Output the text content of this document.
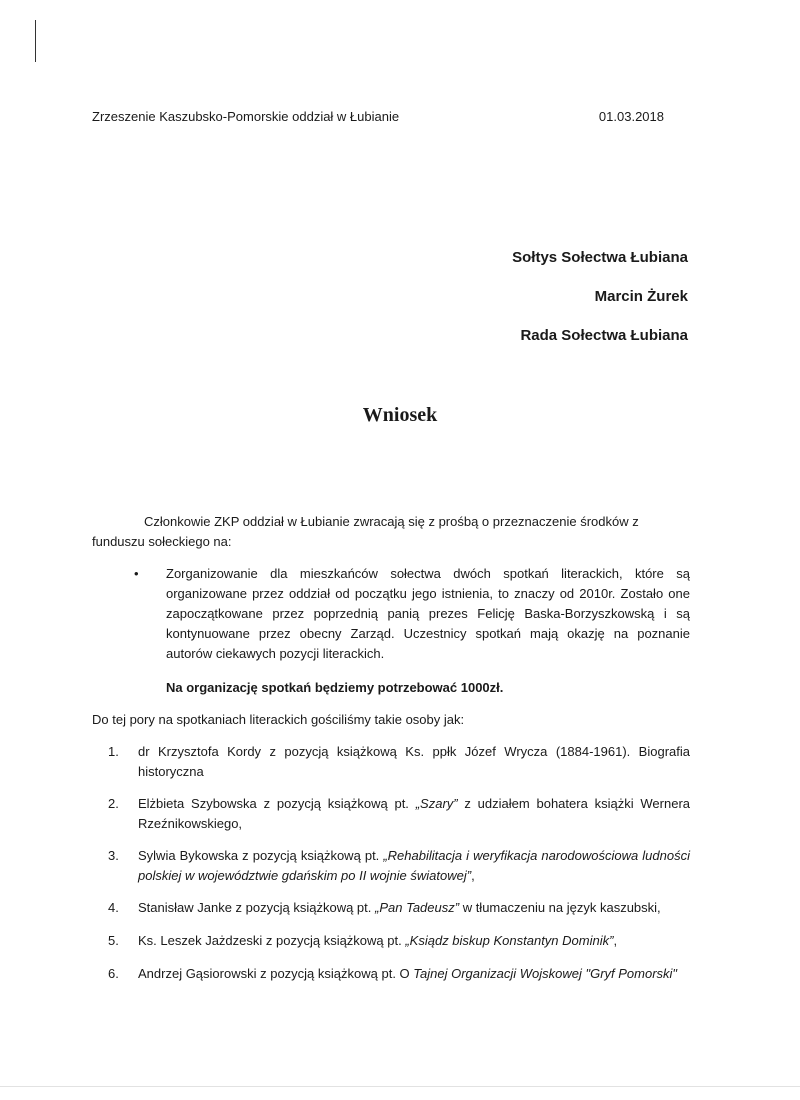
Zrzeszenie Kaszubsko-Pomorskie oddział w Łubianie	01.03.2018
Sołtys Sołectwa Łubiana
Marcin Żurek
Rada Sołectwa Łubiana
Wniosek
Członkowie ZKP oddział w Łubianie zwracają się z prośbą o przeznaczenie środków z funduszu sołeckiego na:
• Zorganizowanie dla mieszkańców sołectwa dwóch spotkań literackich, które są organizowane przez oddział od początku jego istnienia, to znaczy od 2010r. Zostało one zapoczątkowane przez poprzednią panią prezes Felicję Baska-Borzyszkowską i są kontynuowane przez obecny Zarząd. Uczestnicy spotkań mają okazję na poznanie autorów ciekawych pozycji literackich.
Na organizację spotkań będziemy potrzebować 1000zł.
Do tej pory na spotkaniach literackich gościliśmy takie osoby jak:
1. dr Krzysztofa Kordy z pozycją książkową Ks. ppłk Józef Wrycza (1884-1961). Biografia historyczna
2. Elżbieta Szybowska z pozycją książkową pt. „Szary” z udziałem bohatera książki Wernera Rzeźnikowskiego,
3. Sylwia Bykowska z pozycją książkową pt. „Rehabilitacja i weryfikacja narodowościowa ludności polskiej w województwie gdańskim po II wojnie światowej”,
4. Stanisław Janke z pozycją książkową pt. „Pan Tadeusz” w tłumaczeniu na język kaszubski,
5. Ks. Leszek Jażdzeski z pozycją książkową pt. „Ksiądz biskup Konstantyn Dominik”,
6. Andrzej Gąsiorowski z pozycją książkową pt. O Tajnej Organizacji Wojskowej "Gryf Pomorski"
